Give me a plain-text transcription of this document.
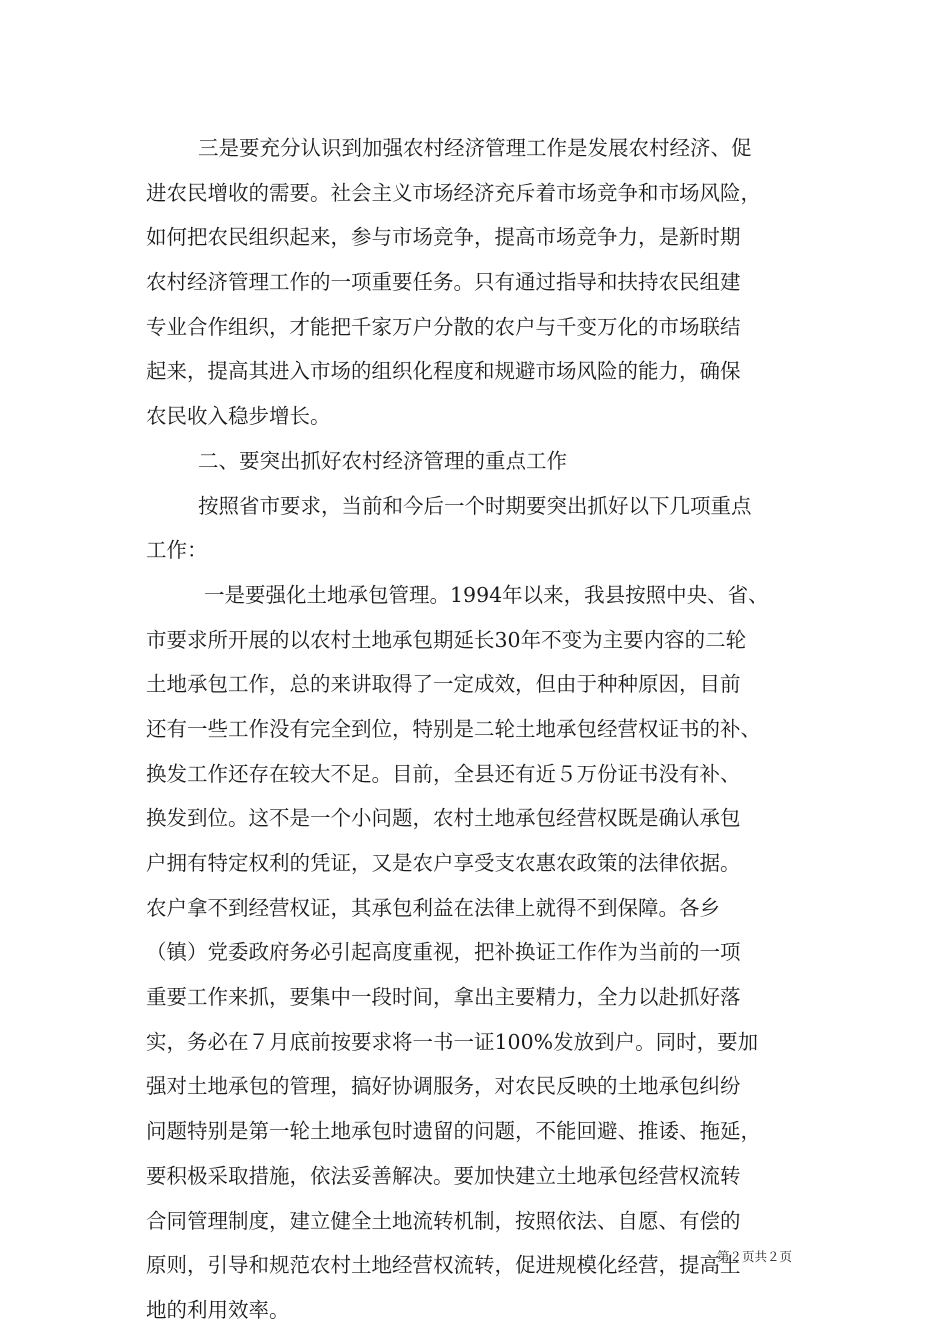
三是要充分认识到加强农村经济管理工作是发展农村经济、促
进农民增收的需要。社会主义市场经济充斥着市场竞争和市场风险，
如何把农民组织起来，参与市场竞争，提高市场竞争力，是新时期
农村经济管理工作的一项重要任务。只有通过指导和扶持农民组建
专业合作组织，才能把千家万户分散的农户与千变万化的市场联结
起来，提高其进入市场的组织化程度和规避市场风险的能力，确保
农民收入稳步增长。
二、要突出抓好农村经济管理的重点工作
按照省市要求，当前和今后一个时期要突出抓好以下几项重点
工作：
一是要强化土地承包管理。1994年以来，我县按照中央、省、
市要求所开展的以农村土地承包期延长30年不变为主要内容的二轮
土地承包工作，总的来讲取得了一定成效，但由于种种原因，目前
还有一些工作没有完全到位，特别是二轮土地承包经营权证书的补、
换发工作还存在较大不足。目前，全县还有近５万份证书没有补、
换发到位。这不是一个小问题，农村土地承包经营权既是确认承包
户拥有特定权利的凭证，又是农户享受支农惠农政策的法律依据。
农户拿不到经营权证，其承包利益在法律上就得不到保障。各乡
（镇）党委政府务必引起高度重视，把补换证工作作为当前的一项
重要工作来抓，要集中一段时间，拿出主要精力，全力以赴抓好落
实，务必在７月底前按要求将一书一证100%发放到户。同时，要加
强对土地承包的管理，搞好协调服务，对农民反映的土地承包纠纷
问题特别是第一轮土地承包时遗留的问题，不能回避、推诿、拖延，
要积极采取措施，依法妥善解决。要加快建立土地承包经营权流转
合同管理制度，建立健全土地流转机制，按照依法、自愿、有偿的
原则，引导和规范农村土地经营权流转，促进规模化经营，提高土
地的利用效率。
第２页共２页
